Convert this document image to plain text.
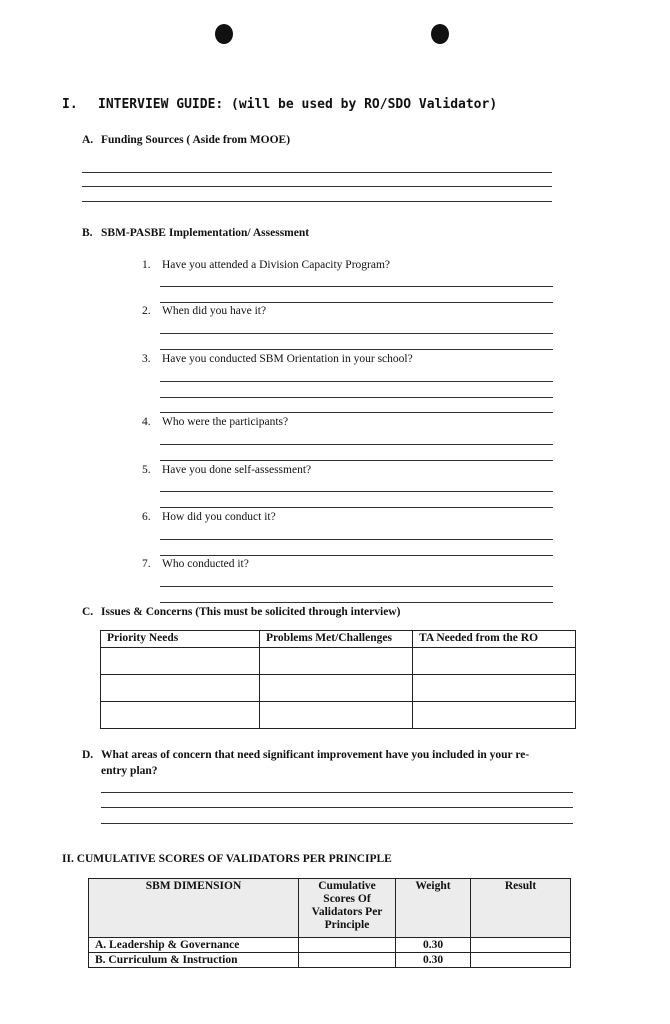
I. INTERVIEW GUIDE: (will be used by RO/SDO Validator)
A. Funding Sources ( Aside from MOOE)
B. SBM-PASBE Implementation/ Assessment
1. Have you attended a Division Capacity Program?
2. When did you have it?
3. Have you conducted SBM Orientation in your school?
4. Who were the participants?
5. Have you done self-assessment?
6. How did you conduct it?
7. Who conducted it?
C. Issues & Concerns (This must be solicited through interview)
Priority Needs	Problems Met/Challenges	TA Needed from the RO

D. What areas of concern that need significant improvement have you included in your re-
entry plan?
II. CUMULATIVE SCORES OF VALIDATORS PER PRINCIPLE
SBM DIMENSION	Cumulative
Scores Of
Validators Per
Principle	Weight	Result
A. Leadership & Governance		0.30	
B. Curriculum & Instruction		0.30	
